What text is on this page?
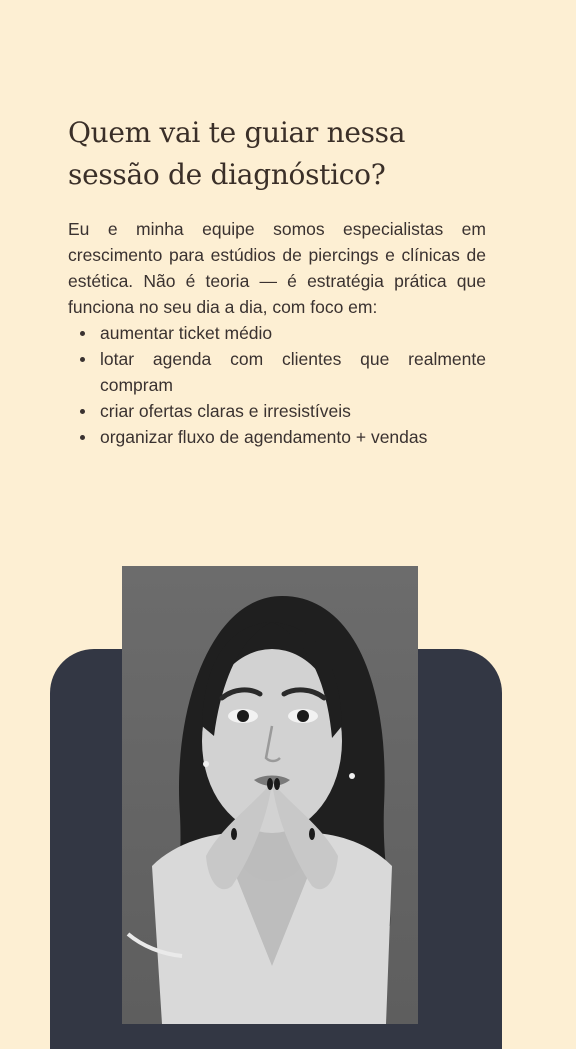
Quem vai te guiar nessa sessão de diagnóstico?

Eu e minha equipe somos especialistas em crescimento para estúdios de piercings e clínicas de estética. Não é teoria — é estratégia prática que funciona no seu dia a dia, com foco em:

aumentar ticket médio
lotar agenda com clientes que realmente compram
criar ofertas claras e irresistíveis
organizar fluxo de agendamento + vendas
